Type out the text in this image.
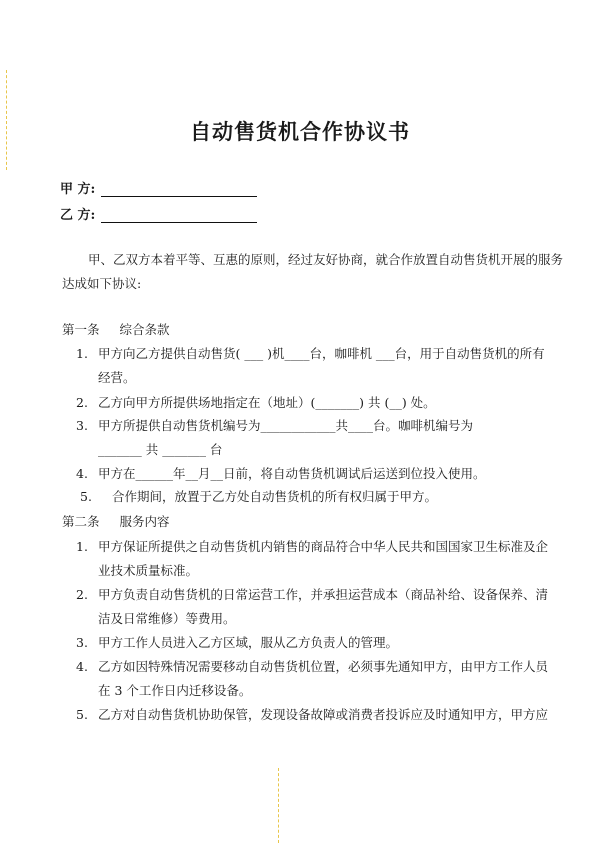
自动售货机合作协议书
甲 方:
乙 方:
甲、乙双方本着平等、互惠的原则，经过友好协商，就合作放置自动售货机开展的服务
达成如下协议:
第一条 综合条款
1. 甲方向乙方提供自动售货( ___ )机____台，咖啡机 ___台，用于自动售货机的所有
经营。
2. 乙方向甲方所提供场地指定在（地址）(_______) 共 (__) 处。
3. 甲方所提供自动售货机编号为____________共____台。咖啡机编号为
_______ 共 _______ 台
4. 甲方在______年__月__日前，将自动售货机调试后运送到位投入使用。
5. 合作期间，放置于乙方处自动售货机的所有权归属于甲方。
第二条 服务内容
1. 甲方保证所提供之自动售货机内销售的商品符合中华人民共和国国家卫生标准及企
业技术质量标准。
2. 甲方负责自动售货机的日常运营工作，并承担运营成本（商品补给、设备保养、清
洁及日常维修）等费用。
3. 甲方工作人员进入乙方区域，服从乙方负责人的管理。
4. 乙方如因特殊情况需要移动自动售货机位置，必须事先通知甲方，由甲方工作人员
在 3 个工作日内迁移设备。
5. 乙方对自动售货机协助保管，发现设备故障或消费者投诉应及时通知甲方，甲方应
